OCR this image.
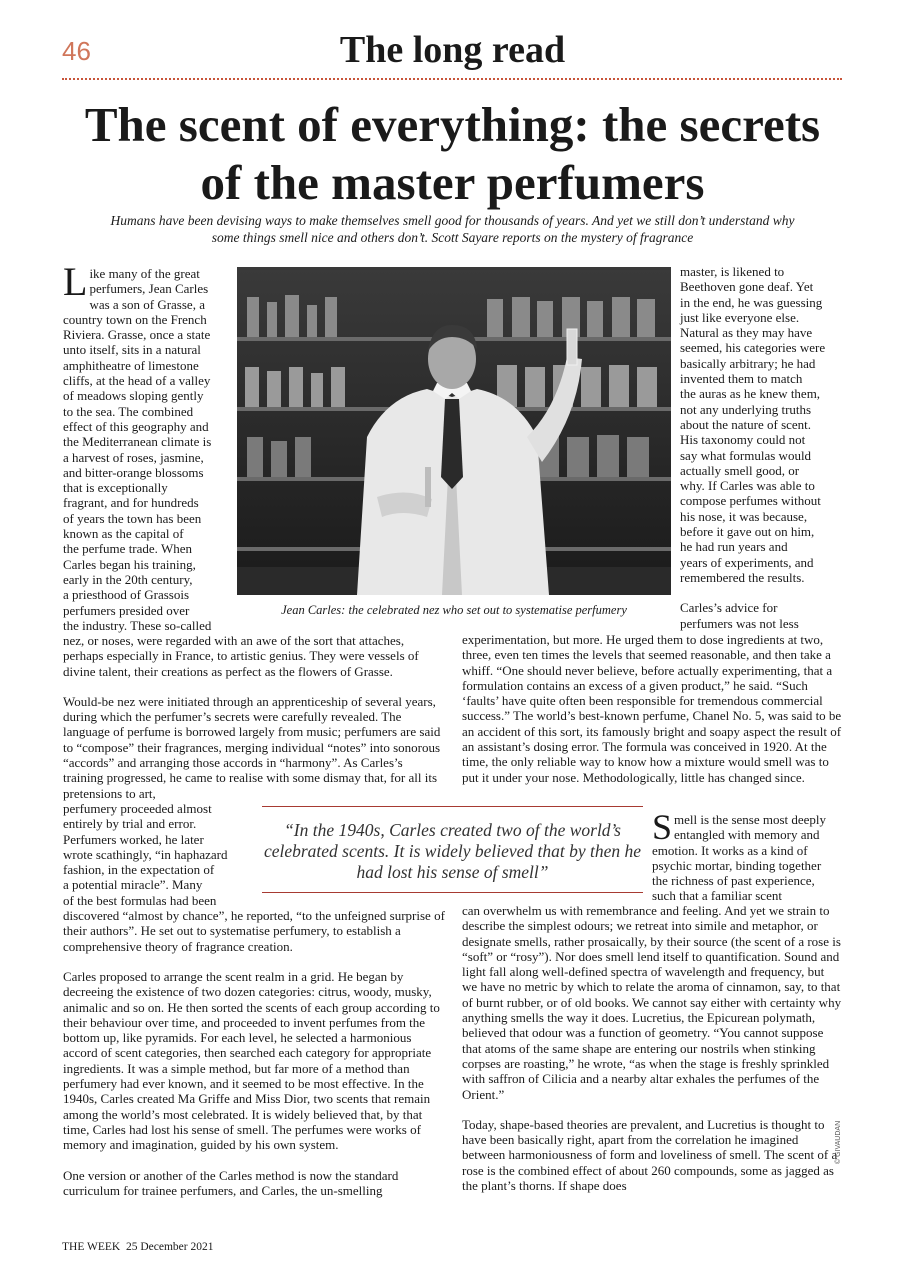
46	The long read
The scent of everything: the secrets
of the master perfumers
Humans have been devising ways to make themselves smell good for thousands of years. And yet we still don’t understand why some things smell nice and others don’t. Scott Sayare reports on the mystery of fragrance
L ike many of the great
perfumers, Jean Carles
was a son of Grasse, a
country town on the French
Riviera. Grasse, once a state
unto itself, sits in a natural
amphitheatre of limestone
cliffs, at the head of a valley
of meadows sloping gently
to the sea. The combined
effect of this geography and
the Mediterranean climate is
a harvest of roses, jasmine,
and bitter-orange blossoms
that is exceptionally
fragrant, and for hundreds
of years the town has been
known as the capital of
the perfume trade. When
Carles began his training,
early in the 20th century,
a priesthood of Grassois
perfumers presided over
the industry. These so-called

nez, or noses, were regarded with an awe of the sort that attaches, perhaps especially in France, to artistic genius. They were vessels of divine talent, their creations as perfect as the flowers of Grasse.

Would-be nez were initiated through an apprenticeship of several years, during which the perfumer’s secrets were carefully revealed. The language of perfume is borrowed largely from music; perfumers are said to “compose” their fragrances, merging individual “notes” into sonorous “accords” and arranging those accords in “harmony”. As Carles’s training progressed, he came to realise with some dismay that, for all its pretensions to art,

perfumery proceeded almost
entirely by trial and error.
Perfumers worked, he later
wrote scathingly, “in haphazard
fashion, in the expectation of
a potential miracle”. Many
of the best formulas had been

discovered “almost by chance”, he reported, “to the unfeigned surprise of their authors”. He set out to systematise perfumery, to establish a comprehensive theory of fragrance creation.

Carles proposed to arrange the scent realm in a grid. He began by decreeing the existence of two dozen categories: citrus, woody, musky, animalic and so on. He then sorted the scents of each group according to their behaviour over time, and proceeded to invent perfumes from the bottom up, like pyramids. For each level, he selected a harmonious accord of scent categories, then searched each category for appropriate ingredients. It was a simple method, but far more of a method than perfumery had ever known, and it seemed to be most effective. In the 1940s, Carles created Ma Griffe and Miss Dior, two scents that remain among the world’s most celebrated. It is widely believed that, by that time, Carles had lost his sense of smell. The perfumes were works of memory and imagination, guided by his own system.

One version or another of the Carles method is now the standard curriculum for trainee perfumers, and Carles, the un-smelling

Jean Carles: the celebrated nez who set out to systematise perfumery
master, is likened to
Beethoven gone deaf. Yet
in the end, he was guessing
just like everyone else.
Natural as they may have
seemed, his categories were
basically arbitrary; he had
invented them to match
the auras as he knew them,
not any underlying truths
about the nature of scent.
His taxonomy could not
say what formulas would
actually smell good, or
why. If Carles was able to
compose perfumes without
his nose, it was because,
before it gave out on him,
he had run years and
years of experiments, and
remembered the results.
Carles’s advice for
perfumers was not less

experimentation, but more. He urged them to dose ingredients at two, three, even ten times the levels that seemed reasonable, and then take a whiff. “One should never believe, before actually experimenting, that a formulation contains an excess of a given product,” he said. “Such ‘faults’ have quite often been responsible for tremendous commercial success.” The world’s best-known perfume, Chanel No. 5, was said to be an accident of this sort, its famously bright and soapy aspect the result of an assistant’s dosing error. The formula was conceived in 1920. At the time, the only reliable way to know how a mixture would smell was to put it under your nose. Methodologically, little has changed since.

“In the 1940s, Carles created two of the world’s celebrated scents. It is widely believed that by then he had lost his sense of smell”
S mell is the sense most deeply
entangled with memory and
emotion. It works as a kind of
psychic mortar, binding together
the richness of past experience,
such that a familiar scent

can overwhelm us with remembrance and feeling. And yet we strain to describe the simplest odours; we retreat into simile and metaphor, or designate smells, rather prosaically, by their source (the scent of a rose is “soft” or “rosy”). Nor does smell lend itself to quantification. Sound and light fall along well-defined spectra of wavelength and frequency, but we have no metric by which to relate the aroma of cinnamon, say, to that of burnt rubber, or of old books. We cannot say either with certainty why anything smells the way it does. Lucretius, the Epicurean polymath, believed that odour was a function of geometry. “You cannot suppose that atoms of the same shape are entering our nostrils when stinking corpses are roasting,” he wrote, “as when the stage is freshly sprinkled with saffron of Cilicia and a nearby altar exhales the perfumes of the Orient.”

Today, shape-based theories are prevalent, and Lucretius is thought to have been basically right, apart from the correlation he imagined between harmoniousness of form and loveliness of smell. The scent of a rose is the combined effect of about 260 compounds, some as jagged as the plant’s thorns. If shape does

© GIVAUDAN
THE WEEK 25 December 2021
